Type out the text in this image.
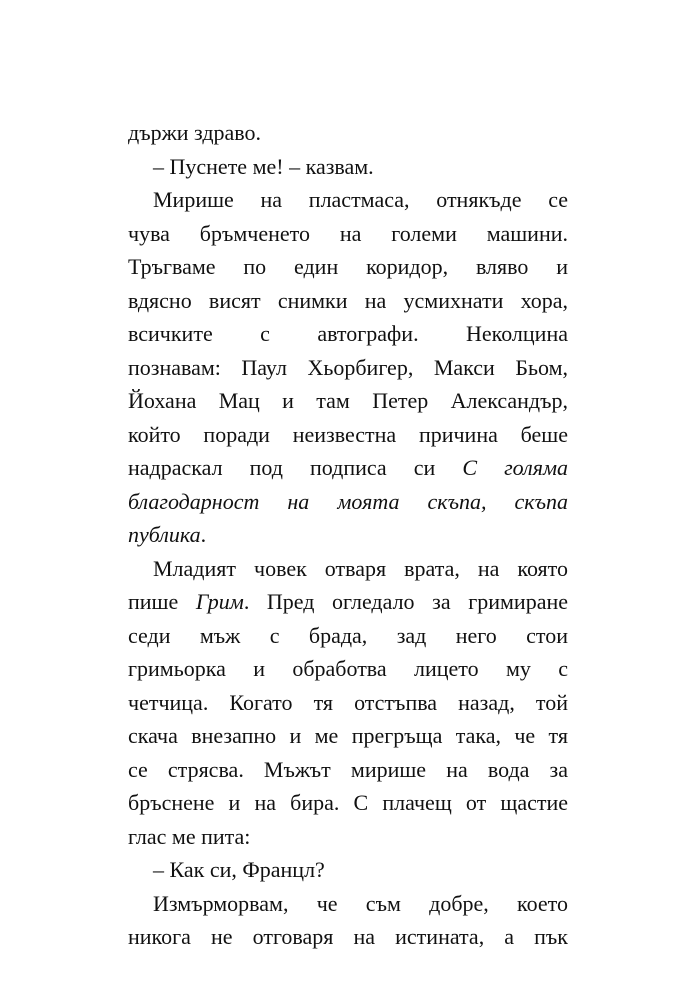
държи здраво.
– Пуснете ме! – казвам.
Мирише на пластмаса, отнякъде се
чува бръмченето на големи машини.
Тръгваме по един коридор, вляво и
вдясно висят снимки на усмихнати хора,
всичките с автографи. Неколцина
познавам: Паул Хьорбигер, Макси Бьом,
Йохана Мац и там Петер Александър,
който поради неизвестна причина беше
надраскал под подписа си С голяма
благодарност на моята скъпа, скъпа
публика.
Младият човек отваря врата, на която
пише Грим. Пред огледало за гримиране
седи мъж с брада, зад него стои
гримьорка и обработва лицето му с
четчица. Когато тя отстъпва назад, той
скача внезапно и ме прегръща така, че тя
се стрясва. Мъжът мирише на вода за
бръснене и на бира. С плачещ от щастие
глас ме пита:
– Как си, Францл?
Измърморвам, че съм добре, което
никога не отговаря на истината, а пък
